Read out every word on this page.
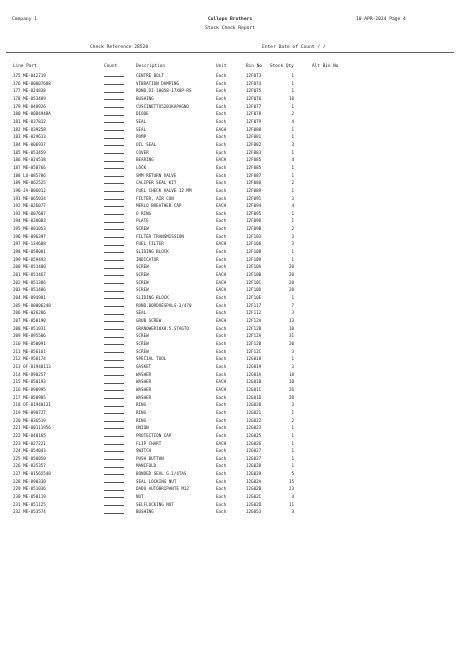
Company 1	Collops Brothers	10-APR-2024 Page 4
Stock Check Report
Check Reference 28520	Enter Date of Count / /
Line Part	Count	Description	Unit	Bin No Stock Qty	Alt Bin No
175 ME-042719	CENTRE BOLT	Each	12F073	1
176 ME-00007688	VIBRATION DAMPING	Each	12F074	1
177 ME-024838	ROND.DI-10058-17X8P-RS	Each	12F075	1
178 ME-053489	BUSHING	Each	12F076	10
179 ME-048926	CUSCINETTO5201KAPAGNO	Each	12F077	1
180 ME-0084948A	DIODE	Each	12F078	2
181 ME-037812	SEAL	Each	12F079	4
182 ME-039258	SEAL	EACH	12F080	1
183 ME-029613	PUMP	Each	12F081	1
184 ME-006937	OIL SEAL	Each	12F082	3
185 ME-053459	COVER	Each	12F083	1
186 ME-024538	BEARING	EACH	12F085	4
187 ME-058766	LOCK	Each	12F085	1
188 LU-085786	SMM RETURN VALVE	Each	12F087	1
189 ME-062525	CALIPER SEAL KIT	Each	12F088	2
190 JA-B06012	FUEL CHECK VALVE 12 MM	Each	12F089	1
191 ME-065034	FILTER, AIR CON	Each	12F091	3
192 ME-026077	MERLO BREATHER CAP	EACH	12F094	4
193 ME-007687	O RING	Each	12F095	1
194 ME-038083	PLATE	Each	12F098	1
195 ME-001053	SCREW	Each	12F09B	2
196 ME-096397	FILTER TRANSMISSION	Each	12F103	3
197 ME-134688	FUEL FILTER	EACH	12F106	3
198 ME-058081	SLIDING BLOCK	Each	12F108	1
199 ME-059493	INDICATOR	Each	12F109	1
200 ME-851400	SCREW	Each	12F10A	20
201 ME-851467	SCREW	EACH	12F10B	20
202 ME-851386	SCREW	EACH	12F10C	20
203 ME-851486	SCREW	EACH	12F10D	20
204 ME-094981	SLIDING BLOCK	Each	12F10E	1
205 ME-00006248	ROND.BORDOESPALS-3/470	Each	12F117	7
206 ME-026286	SEAL	Each	12F112	3
207 ME-850190	GRUB SCREW	EACH	12F12A	13
208 ME-851031	GRANOWER10X8.5.STAGTO	Each	12F12B	10
209 ME-895506	SCREW	Each	12F12A	31
210 ME-850091	SCREW	Each	12F12B	20
211 ME-856161	SCREW	Each	12F12C	3
212 ME-958174	SPECIAL TOOL	Each	12G018	1
213 OF-01940113	GASKET	Each	12G019	3
214 ME-890257	WASHER	Each	12G01A	18
215 ME-850193	WASHER	EACH	12G01B	10
216 ME-890995	WASHER	EACH	12G01C	26
217 ME-850905	WASHER	Each	12G01D	20
218 OF-01940131	RING	Each	12G020	3
219 ME-090727	RING	Each	12G021	1
220 ME-036519	RING	Each	12G022	2
221 ME-00111956	UNION	Each	12G023	1
222 ME-048165	PROTECTION CAP	Each	12G025	1
223 ME-027221	FLIP CHART	EACH	12G026	1
224 ME-054043	SWITCH	Each	12G027	1
225 ME-058050	PUSH BUTTON	Each	12G027	1
226 ME-035357	MANIFOLD	Each	12G028	1
227 ME-01565548	BONDED SEAL G.1/4TAS	Each	12G029	5
228 ME-890330	SEAL LOCKING NUT	Each	12G02A	15
229 ME-851036	DADO AUTOBRIPANTE M12	Each	12G02B	23
230 ME-850119	NUT	Each	12G02C	4
231 ME-851125	SELFLOCKING NUT	Each	12G02D	11
232 ME-053574	BUSHING	Each	12G053	3
